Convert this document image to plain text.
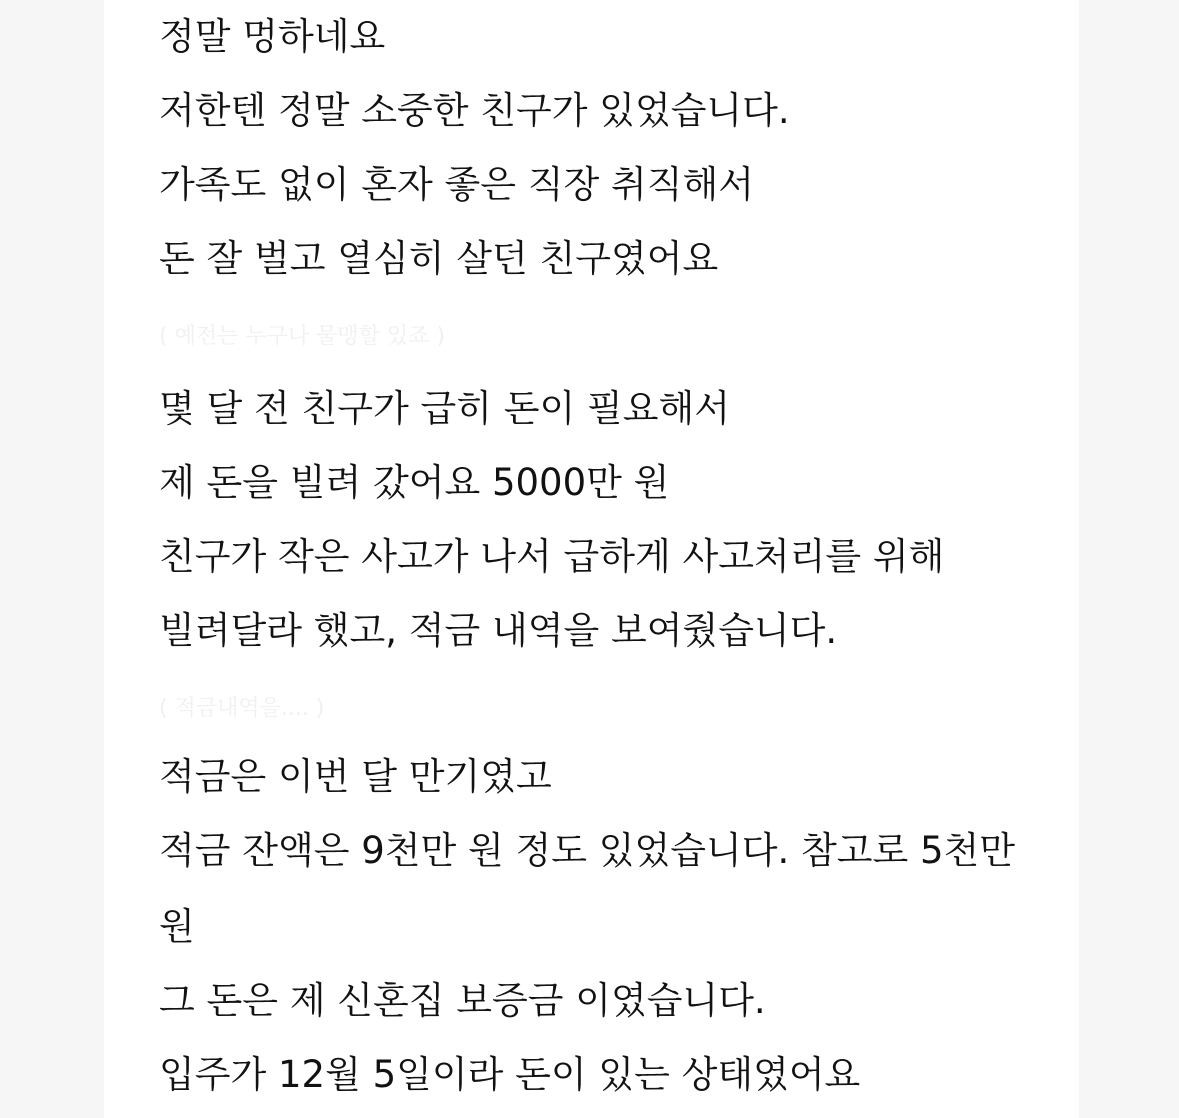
정말 멍하네요
저한텐 정말 소중한 친구가 있었습니다.
가족도 없이 혼자 좋은 직장 취직해서
돈 잘 벌고 열심히 살던 친구였어요
( 예전는 누구나 물맹할 있죠 )
몇 달 전 친구가 급히 돈이 필요해서
제 돈을 빌려 갔어요 5000만 원
친구가 작은 사고가 나서 급하게 사고처리를 위해
빌려달라 했고, 적금 내역을 보여줬습니다.
( 적금내역을.... )
적금은 이번 달 만기였고
적금 잔액은 9천만 원 정도 있었습니다. 참고로 5천만
원
그 돈은 제 신혼집 보증금 이였습니다.
입주가 12월 5일이라 돈이 있는 상태였어요
